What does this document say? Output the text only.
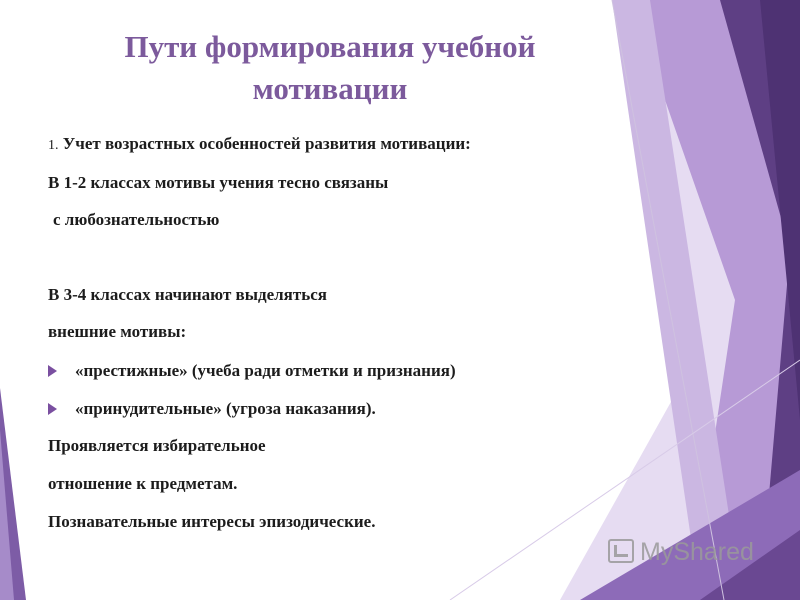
Пути формирования учебной
мотивации
1. Учет возрастных особенностей развития мотивации:
В 1-2 классах мотивы учения тесно связаны
с любознательностью
В 3-4 классах начинают выделяться
внешние мотивы:
«престижные» (учеба ради отметки и признания)
«принудительные» (угроза наказания).
Проявляется избирательное
отношение к предметам.
Познавательные интересы эпизодические.
MyShared
